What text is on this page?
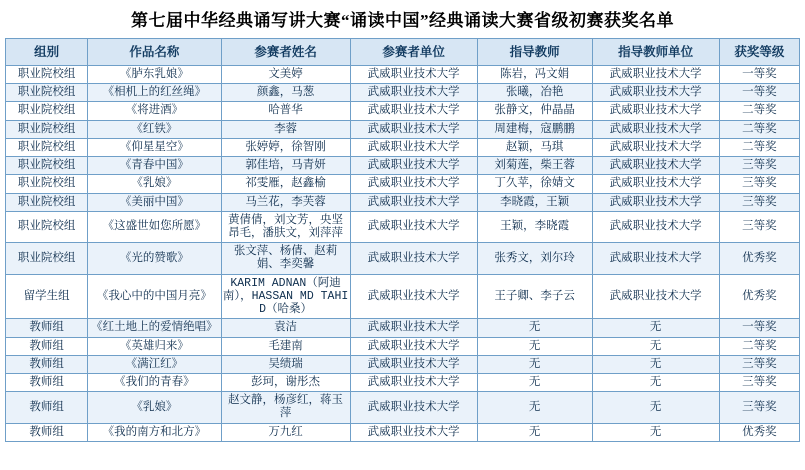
第七届中华经典诵写讲大赛“诵读中国”经典诵读大赛省级初赛获奖名单
组别	作品名称	参赛者姓名	参赛者单位	指导教师	指导教师单位	获奖等级
职业院校组	《胪东乳娘》	文美婷	武威职业技术大学	陈岩，冯文娟	武威职业技术大学	一等奖
职业院校组	《相机上的红丝绳》	颜鑫，马葱	武威职业技术大学	张曦，冶艳	武威职业技术大学	一等奖
职业院校组	《将进酒》	哈普华	武威职业技术大学	张静文，仲晶晶	武威职业技术大学	二等奖
职业院校组	《红铁》	李蓉	武威职业技术大学	周建梅，寇鹏鹏	武威职业技术大学	二等奖
职业院校组	《仰星星空》	张婷婷，徐智刚	武威职业技术大学	赵颖，马琪	武威职业技术大学	二等奖
职业院校组	《青春中国》	郭佳培，马青妍	武威职业技术大学	刘菊莲，柴王蓉	武威职业技术大学	三等奖
职业院校组	《乳娘》	祁雯雁，赵鑫榆	武威职业技术大学	丁久苹，徐婧文	武威职业技术大学	三等奖
职业院校组	《美丽中国》	马兰花，李芙蓉	武威职业技术大学	李晓霞，王颖	武威职业技术大学	三等奖
职业院校组	《这盛世如您所愿》	黄倩倩，刘文芳，央坚昂毛，潘肤文，刘萍萍	武威职业技术大学	王颖，李晓霞	武威职业技术大学	三等奖
职业院校组	《光的赞歌》	张文萍、杨倩、赵莉娟、李奕馨	武威职业技术大学	张秀文，刘尔玲	武威职业技术大学	优秀奖
留学生组	《我心中的中国月亮》	KARIM ADNAN（阿迪南），HASSAN MD TAHID（哈桑）	武威职业技术大学	王子卿、李子云	武威职业技术大学	优秀奖
教师组	《红土地上的爱情绝唱》	袁洁	武威职业技术大学	无	无	一等奖
教师组	《英雄归来》	毛建南	武威职业技术大学	无	无	二等奖
教师组	《满江红》	吴绩瑞	武威职业技术大学	无	无	三等奖
教师组	《我们的青春》	彭珂，谢彤杰	武威职业技术大学	无	无	三等奖
教师组	《乳娘》	赵文静，杨彦红，蒋玉萍	武威职业技术大学	无	无	三等奖
教师组	《我的南方和北方》	万九红	武威职业技术大学	无	无	优秀奖
